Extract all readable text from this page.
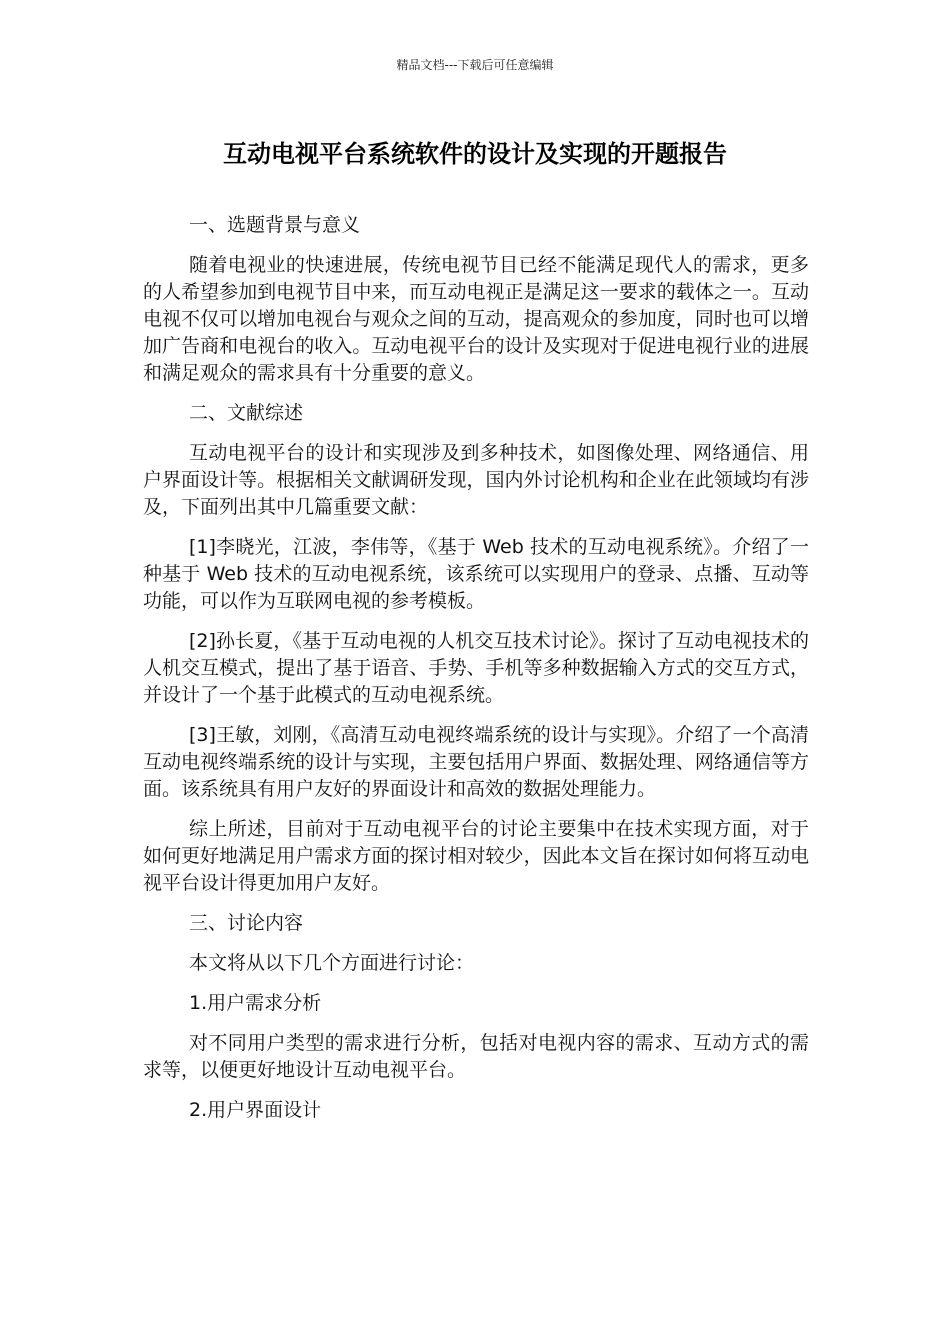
精品文档---下载后可任意编辑
互动电视平台系统软件的设计及实现的开题报告

一、选题背景与意义

随着电视业的快速进展，传统电视节目已经不能满足现代人的需求，更多的人希望参加到电视节目中来，而互动电视正是满足这一要求的载体之一。互动电视不仅可以增加电视台与观众之间的互动，提高观众的参加度，同时也可以增加广告商和电视台的收入。互动电视平台的设计及实现对于促进电视行业的进展和满足观众的需求具有十分重要的意义。

二、文献综述

互动电视平台的设计和实现涉及到多种技术，如图像处理、网络通信、用户界面设计等。根据相关文献调研发现，国内外讨论机构和企业在此领域均有涉及，下面列出其中几篇重要文献：

[1]李晓光，江波，李伟等，《基于 Web 技术的互动电视系统》。介绍了一种基于 Web 技术的互动电视系统，该系统可以实现用户的登录、点播、互动等功能，可以作为互联网电视的参考模板。

[2]孙长夏，《基于互动电视的人机交互技术讨论》。探讨了互动电视技术的人机交互模式，提出了基于语音、手势、手机等多种数据输入方式的交互方式，并设计了一个基于此模式的互动电视系统。

[3]王敏，刘刚，《高清互动电视终端系统的设计与实现》。介绍了一个高清互动电视终端系统的设计与实现，主要包括用户界面、数据处理、网络通信等方面。该系统具有用户友好的界面设计和高效的数据处理能力。

综上所述，目前对于互动电视平台的讨论主要集中在技术实现方面，对于如何更好地满足用户需求方面的探讨相对较少，因此本文旨在探讨如何将互动电视平台设计得更加用户友好。

三、讨论内容

本文将从以下几个方面进行讨论：

1.用户需求分析

对不同用户类型的需求进行分析，包括对电视内容的需求、互动方式的需求等，以便更好地设计互动电视平台。

2.用户界面设计
